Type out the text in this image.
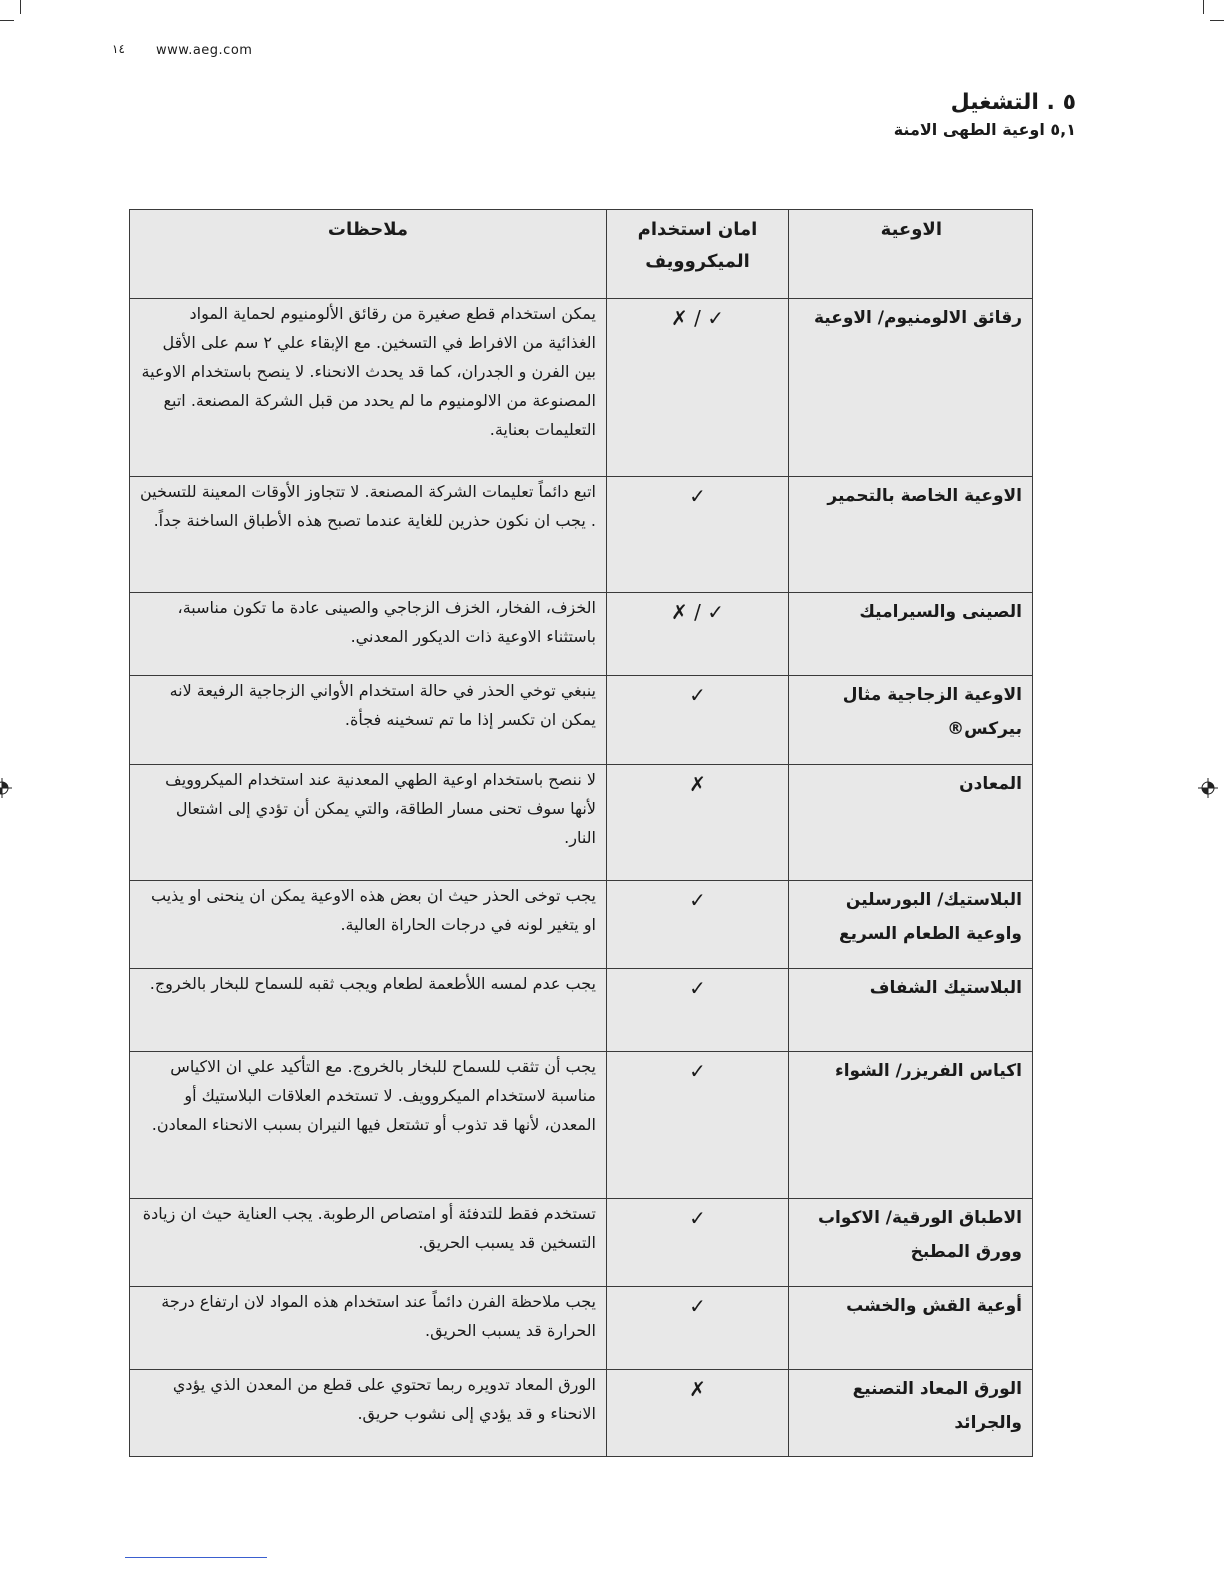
١٤ www.aeg.com
٥ . التشغيل
٥,١ اوعية الطهى الامنة
الاوعية	امان استخدام الميكروويف	ملاحظات
رقائق الالومنيوم/ الاوعية	✓ / ✗	يمكن استخدام قطع صغيرة من رقائق الألومنيوم لحماية المواد الغذائية من الافراط في التسخين. مع الإبقاء علي ٢ سم على الأقل بين الفرن و الجدران، كما قد يحدث الانحناء. لا ينصح باستخدام الاوعية المصنوعة من الالومنيوم ما لم يحدد من قبل الشركة المصنعة. اتبع التعليمات بعناية.
الاوعية الخاصة بالتحمير	✓	اتبع دائماً تعليمات الشركة المصنعة. لا تتجاوز الأوقات المعينة للتسخين . يجب ان نكون حذرين للغاية عندما تصبح هذه الأطباق الساخنة جداً.
الصينى والسيراميك	✓ / ✗	الخزف، الفخار، الخزف الزجاجي والصينى عادة ما تكون مناسبة، باستثناء الاوعية ذات الديكور المعدني.
الاوعية الزجاجية مثال بيركس®	✓	ينبغي توخي الحذر في حالة استخدام الأواني الزجاجية الرفيعة لانه يمكن ان تكسر إذا ما تم تسخينه فجأة.
المعادن	✗	لا ننصح باستخدام اوعية الطهي المعدنية عند استخدام الميكروويف لأنها سوف تحنى مسار الطاقة، والتي يمكن أن تؤدي إلى اشتعال النار.
البلاستيك/ البورسلين واوعية الطعام السريع	✓	يجب توخى الحذر حيث ان بعض هذه الاوعية يمكن ان ينحنى او يذيب او يتغير لونه في درجات الحاراة العالية.
البلاستيك الشفاف	✓	يجب عدم لمسه اللأطعمة لطعام ويجب ثقبه للسماح للبخار بالخروج.
اكياس الفريزر/ الشواء	✓	يجب أن تثقب للسماح للبخار بالخروج. مع التأكيد علي ان الاكياس مناسبة لاستخدام الميكروويف. لا تستخدم العلاقات البلاستيك أو المعدن، لأنها قد تذوب أو تشتعل فيها النيران بسبب الانحناء المعادن.
الاطباق الورقية/ الاكواب وورق المطبخ	✓	تستخدم فقط للتدفئة أو امتصاص الرطوبة. يجب العناية حيث ان زيادة التسخين قد يسبب الحريق.
أوعية القش والخشب	✓	يجب ملاحظة الفرن دائماً عند استخدام هذه المواد لان ارتفاع درجة الحرارة قد يسبب الحريق.
الورق المعاد التصنيع والجرائد	✗	الورق المعاد تدويره ربما تحتوي على قطع من المعدن الذي يؤدي الانحناء و قد يؤدي إلى نشوب حريق.
